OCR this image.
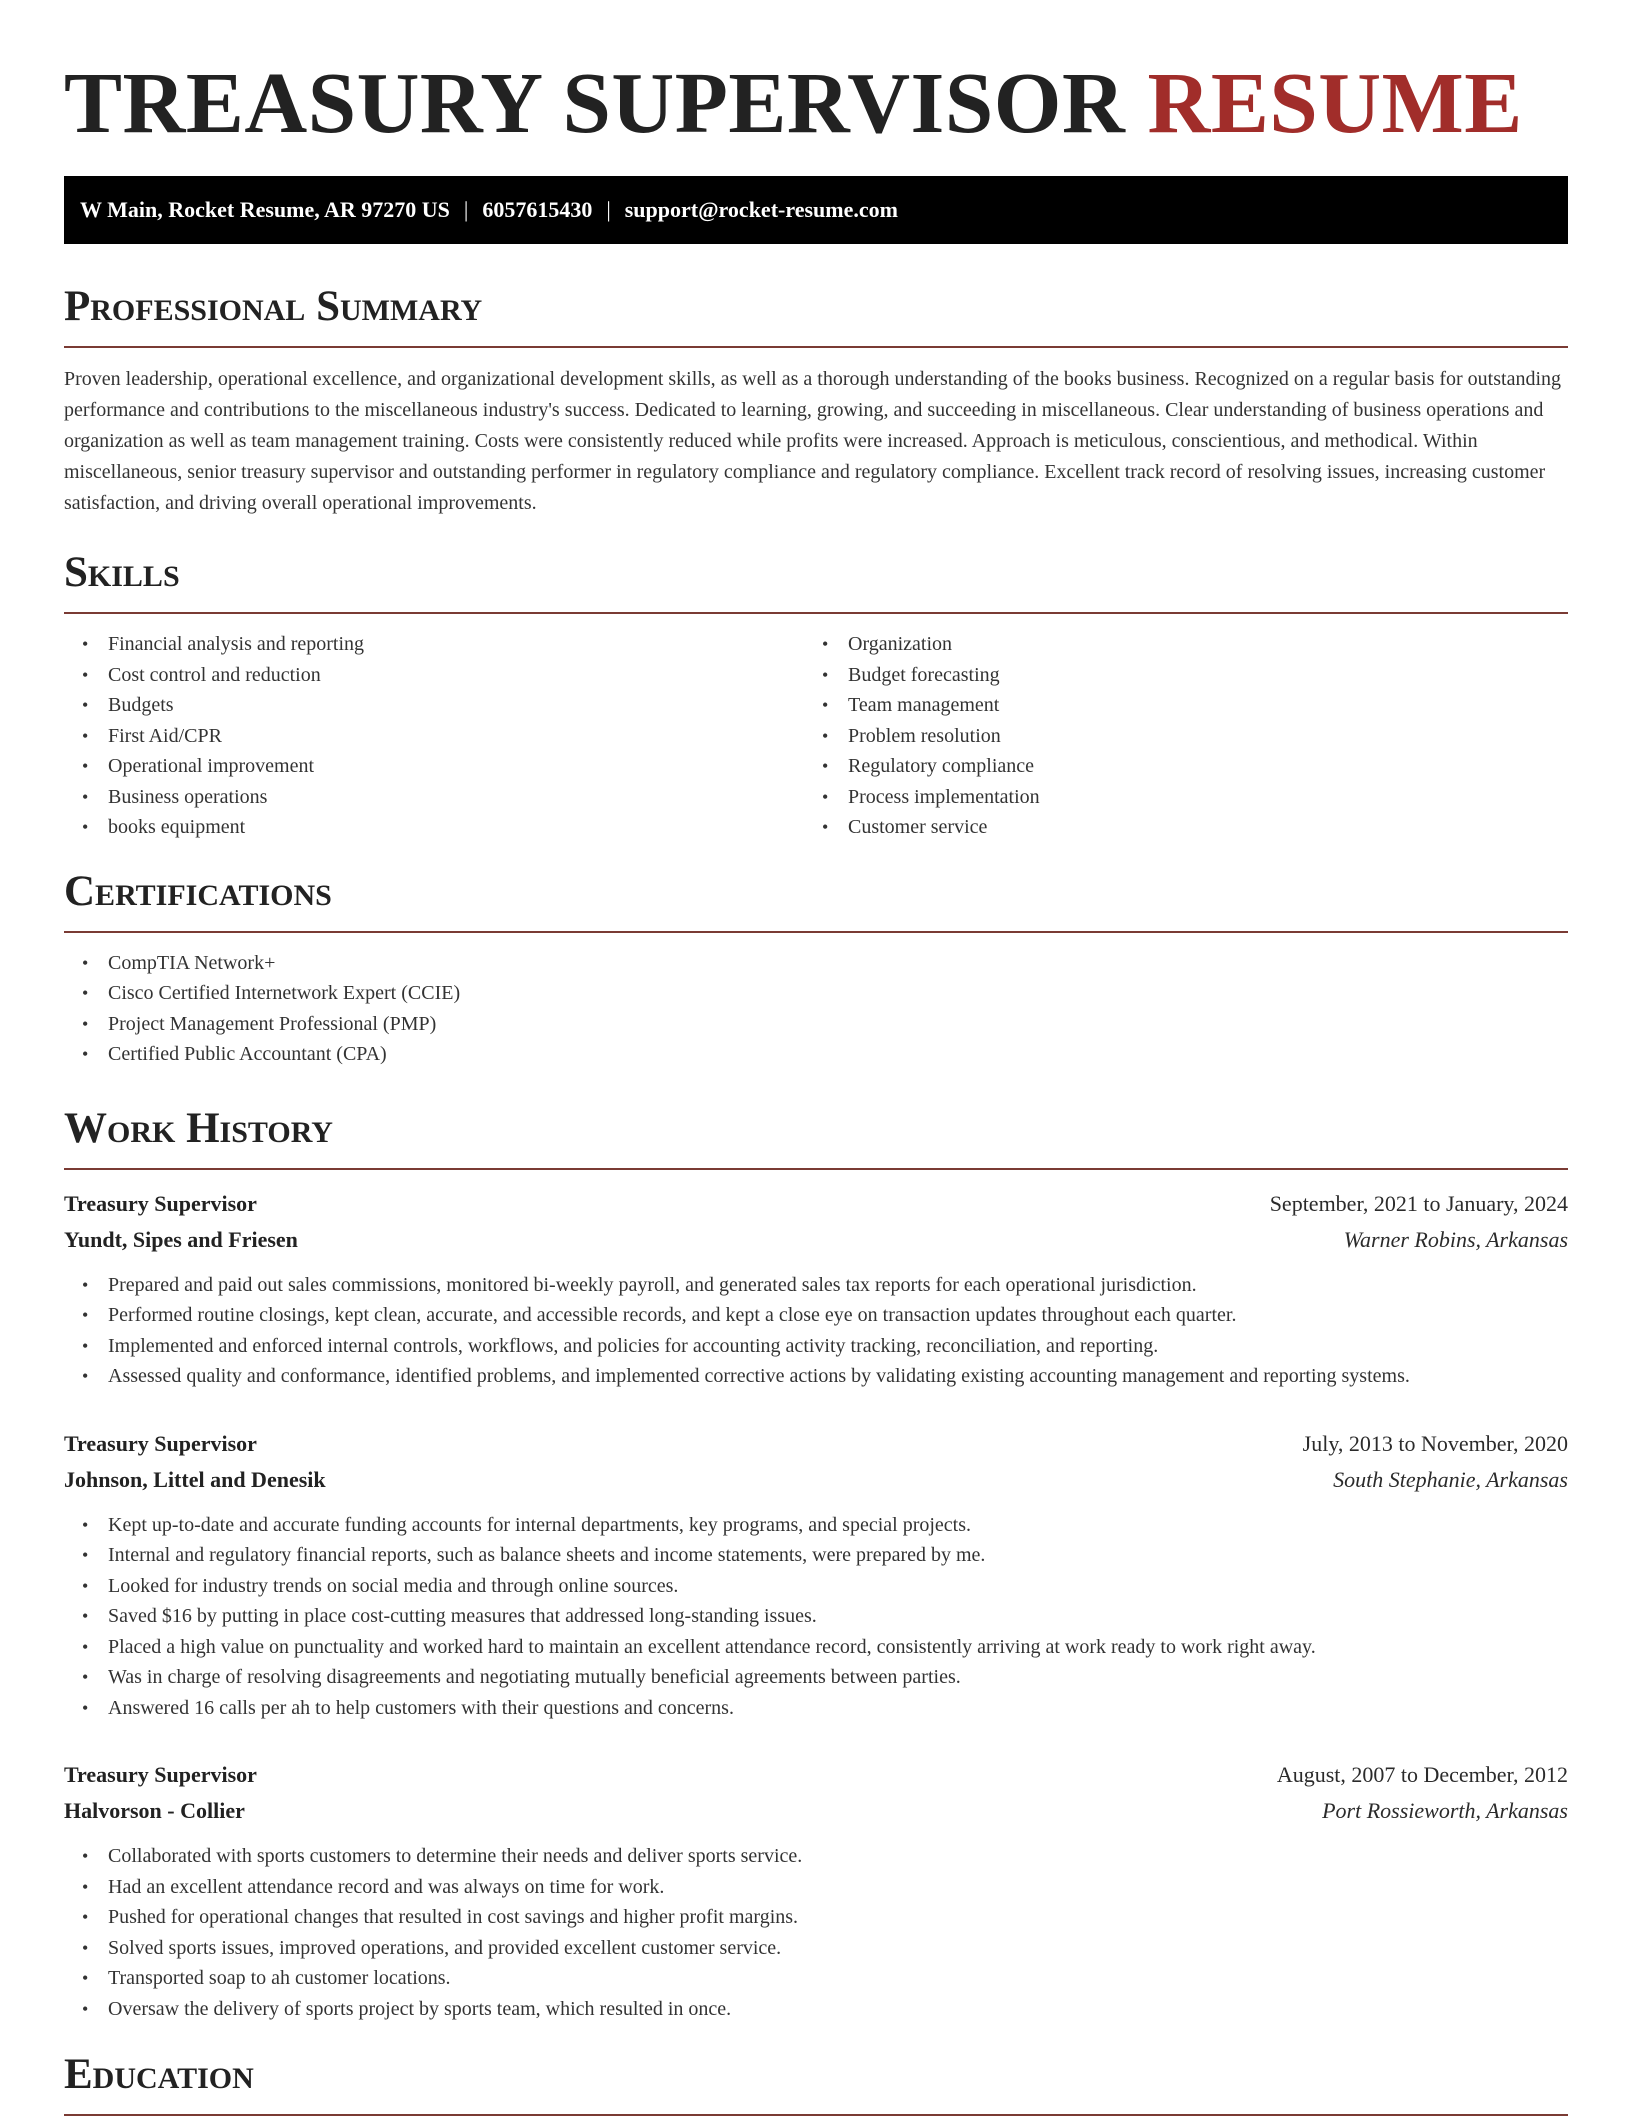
TREASURY SUPERVISOR RESUME
W Main, Rocket Resume, AR 97270 US | 6057615430 | support@rocket-resume.com
Professional Summary

Proven leadership, operational excellence, and organizational development skills, as well as a thorough understanding of the books business. Recognized on a regular basis for outstanding performance and contributions to the miscellaneous industry's success. Dedicated to learning, growing, and succeeding in miscellaneous. Clear understanding of business operations and organization as well as team management training. Costs were consistently reduced while profits were increased. Approach is meticulous, conscientious, and methodical. Within miscellaneous, senior treasury supervisor and outstanding performer in regulatory compliance and regulatory compliance. Excellent track record of resolving issues, increasing customer satisfaction, and driving overall operational improvements.

Skills
• Financial analysis and reporting
• Cost control and reduction
• Budgets
• First Aid/CPR
• Operational improvement
• Business operations
• books equipment
• Organization
• Budget forecasting
• Team management
• Problem resolution
• Regulatory compliance
• Process implementation
• Customer service
Certifications
• CompTIA Network+
• Cisco Certified Internetwork Expert (CCIE)
• Project Management Professional (PMP)
• Certified Public Accountant (CPA)
Work History
Treasury Supervisor	September, 2021 to January, 2024
Yundt, Sipes and Friesen	Warner Robins, Arkansas
• Prepared and paid out sales commissions, monitored bi-weekly payroll, and generated sales tax reports for each operational jurisdiction.
• Performed routine closings, kept clean, accurate, and accessible records, and kept a close eye on transaction updates throughout each quarter.
• Implemented and enforced internal controls, workflows, and policies for accounting activity tracking, reconciliation, and reporting.
• Assessed quality and conformance, identified problems, and implemented corrective actions by validating existing accounting management and reporting systems.
Treasury Supervisor	July, 2013 to November, 2020
Johnson, Littel and Denesik	South Stephanie, Arkansas
• Kept up-to-date and accurate funding accounts for internal departments, key programs, and special projects.
• Internal and regulatory financial reports, such as balance sheets and income statements, were prepared by me.
• Looked for industry trends on social media and through online sources.
• Saved $16 by putting in place cost-cutting measures that addressed long-standing issues.
• Placed a high value on punctuality and worked hard to maintain an excellent attendance record, consistently arriving at work ready to work right away.
• Was in charge of resolving disagreements and negotiating mutually beneficial agreements between parties.
• Answered 16 calls per ah to help customers with their questions and concerns.
Treasury Supervisor	August, 2007 to December, 2012
Halvorson - Collier	Port Rossieworth, Arkansas
• Collaborated with sports customers to determine their needs and deliver sports service.
• Had an excellent attendance record and was always on time for work.
• Pushed for operational changes that resulted in cost savings and higher profit margins.
• Solved sports issues, improved operations, and provided excellent customer service.
• Transported soap to ah customer locations.
• Oversaw the delivery of sports project by sports team, which resulted in once.
Education
